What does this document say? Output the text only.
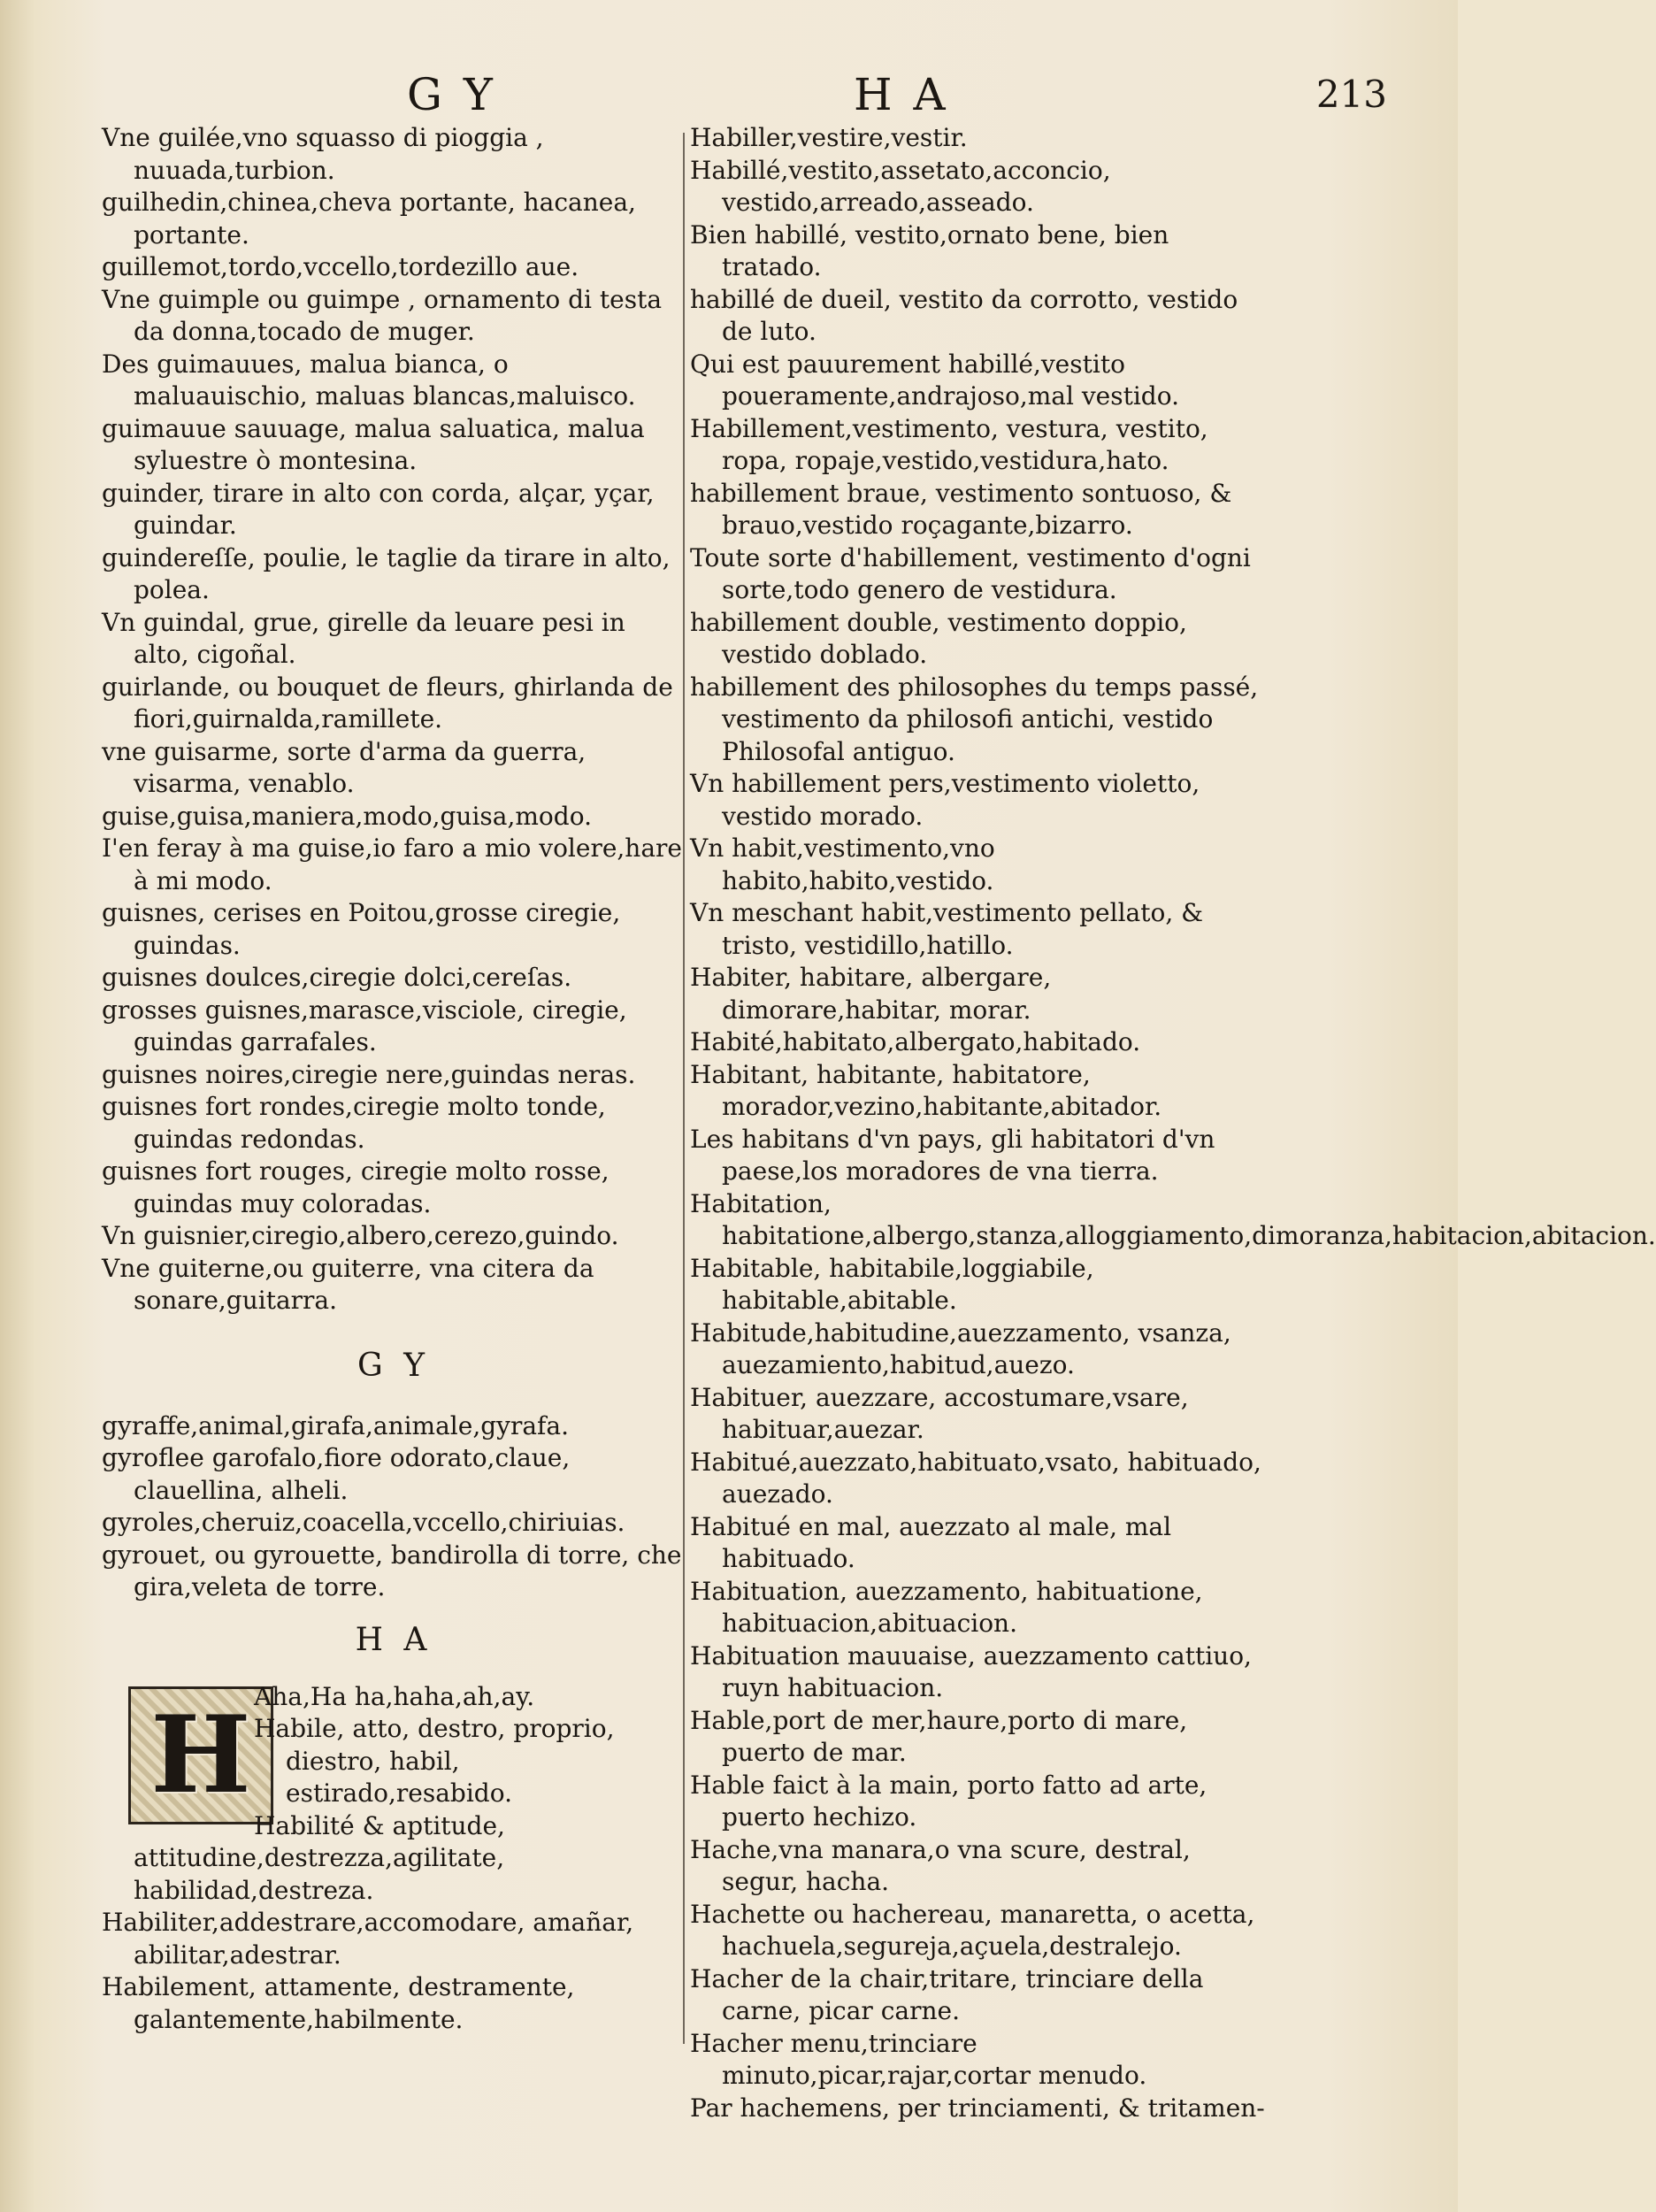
G Y	H A	213

Vne guilée,vno squasso di pioggia , nuuada,turbion.

guilhedin,chinea,cheva portante, hacanea, portante.

guillemot,tordo,vccello,tordezillo aue.

Vne guimple ou guimpe , ornamento di testa da donna,tocado de muger.

Des guimauues, malua bianca, o maluauischio, maluas blancas,maluisco.

guimauue sauuage, malua saluatica, malua syluestre ò montesina.

guinder, tirare in alto con corda, alçar, yçar, guindar.

guindereſſe, poulie, le taglie da tirare in alto, polea.

Vn guindal, grue, girelle da leuare pesi in alto, cigoñal.

guirlande, ou bouquet de fleurs, ghirlanda de fiori,guirnalda,ramillete.

vne guisarme, sorte d'arma da guerra, visarma, venablo.

guise,guisa,maniera,modo,guisa,modo.

I'en feray à ma guise,io faro a mio volere,hare à mi modo.

guisnes, cerises en Poitou,grosse ciregie, guindas.

guisnes doulces,ciregie dolci,cereſas.

grosses guisnes,marasce,visciole, ciregie, guindas garrafales.

guisnes noires,ciregie nere,guindas neras.

guisnes fort rondes,ciregie molto tonde, guindas redondas.

guisnes fort rouges, ciregie molto rosse, guindas muy coloradas.

Vn guisnier,ciregio,albero,cerezo,guindo.

Vne guiterne,ou guiterre, vna citera da sonare,guitarra.

G Y

gyraffe,animal,girafa,animale,gyrafa.

gyroflee garofalo,fiore odorato,claue, clauellina, alheli.

gyroles,cheruiz,coacella,vccello,chiriuias.

gyrouet, ou gyrouette, bandirolla di torre, che gira,veleta de torre.

H A
H Aha,Ha ha,haha,ah,ay.

Habile, atto, destro, proprio, diestro, habil, estirado,resabido.

Habilité & aptitude, attitudine,destrezza,agilitate, habilidad,destreza.

Habiliter,addestrare,accomodare, amañar, abilitar,adestrar.

Habilement, attamente, destramente, galantemente,habilmente.

Habiller,vestire,vestir.

Habillé,vestito,assetato,acconcio, vestido,arreado,asseado.

Bien habillé, vestito,ornato bene, bien tratado.

habillé de dueil, vestito da corrotto, vestido de luto.

Qui est pauurement habillé,vestito poueramente,andrajoso,mal vestido.

Habillement,vestimento, vestura, vestito, ropa, ropaje,vestido,vestidura,hato.

habillement braue, vestimento sontuoso, & brauo,vestido roçagante,bizarro.

Toute sorte d'habillement, vestimento d'ogni sorte,todo genero de vestidura.

habillement double, vestimento doppio, vestido doblado.

habillement des philosophes du temps passé, vestimento da philosofi antichi, vestido Philosofal antiguo.

Vn habillement pers,vestimento violetto, vestido morado.

Vn habit,vestimento,vno habito,habito,vestido.

Vn meschant habit,vestimento pellato, & tristo, vestidillo,hatillo.

Habiter, habitare, albergare, dimorare,habitar, morar.

Habité,habitato,albergato,habitado.

Habitant, habitante, habitatore, morador,vezino,habitante,abitador.

Les habitans d'vn pays, gli habitatori d'vn paese,los moradores de vna tierra.

Habitation, habitatione,albergo,stanza,alloggiamento,dimoranza,habitacion,abitacion.

Habitable, habitabile,loggiabile, habitable,abitable.

Habitude,habitudine,auezzamento, vsanza, auezamiento,habitud,auezo.

Habituer, auezzare, accostumare,vsare, habituar,auezar.

Habitué,auezzato,habituato,vsato, habituado, auezado.

Habitué en mal, auezzato al male, mal habituado.

Habituation, auezzamento, habituatione, habituacion,abituacion.

Habituation mauuaise, auezzamento cattiuo, ruyn habituacion.

Hable,port de mer,haure,porto di mare, puerto de mar.

Hable faict à la main, porto fatto ad arte, puerto hechizo.

Hache,vna manara,o vna scure, destral, segur, hacha.

Hachette ou hachereau, manaretta, o acetta, hachuela,segureja,açuela,destralejo.

Hacher de la chair,tritare, trinciare della carne, picar carne.

Hacher menu,trinciare minuto,picar,rajar,cortar menudo.

Par hachemens, per trinciamenti, & tritamen-
